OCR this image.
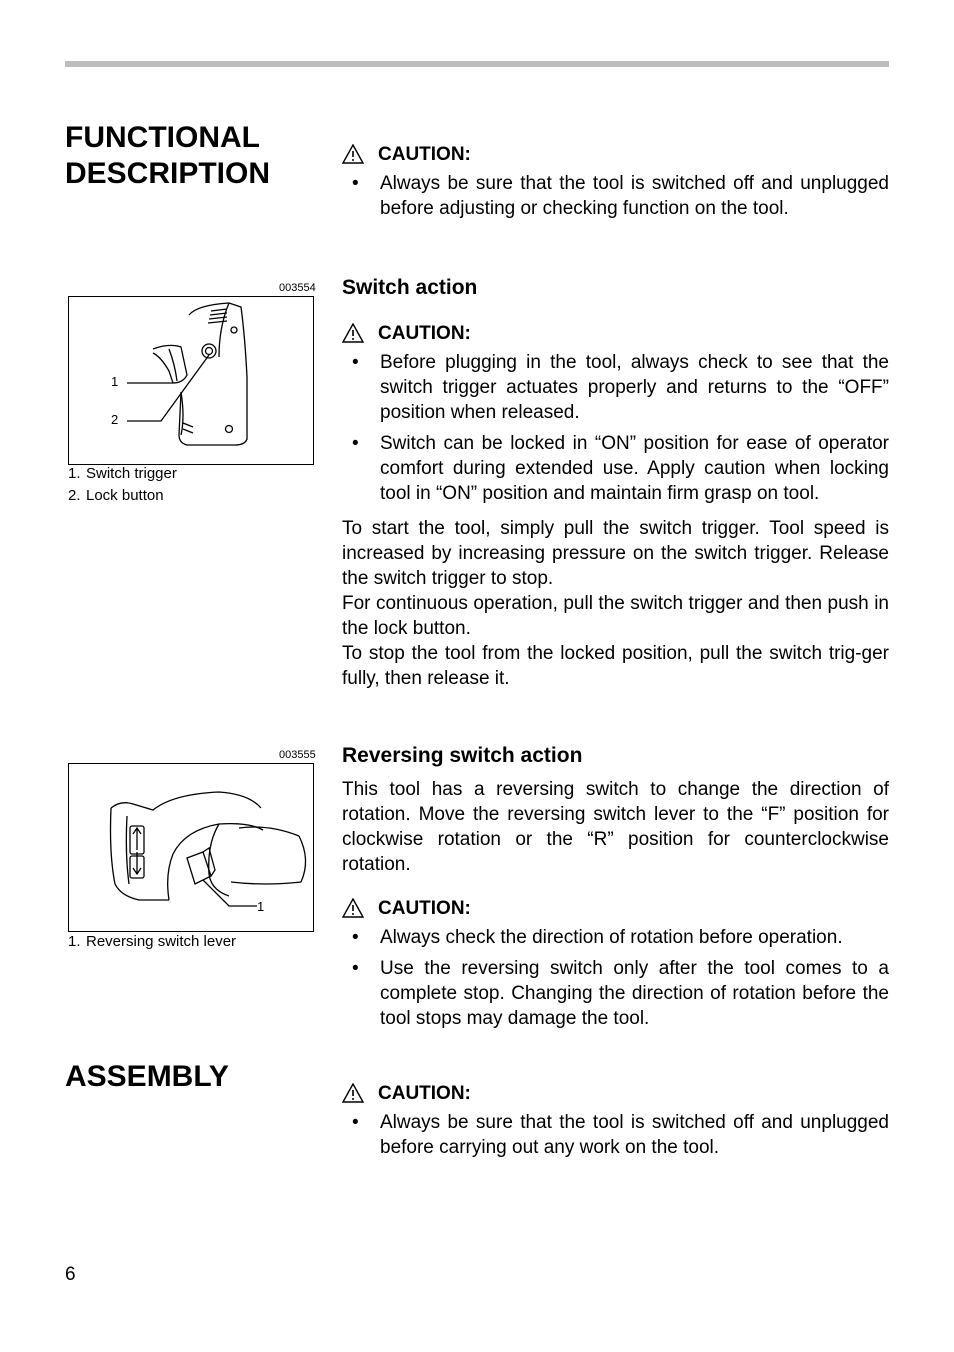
FUNCTIONAL
DESCRIPTION
ASSEMBLY
CAUTION:
• Always be sure that the tool is switched off and unplugged before adjusting or checking function on the tool.
Switch action
CAUTION:
• Before plugging in the tool, always check to see that the switch trigger actuates properly and returns to the “OFF” position when released.
• Switch can be locked in “ON” position for ease of operator comfort during extended use. Apply caution when locking tool in “ON” position and maintain firm grasp on tool.

To start the tool, simply pull the switch trigger. Tool speed is increased by increasing pressure on the switch trigger. Release the switch trigger to stop.

For continuous operation, pull the switch trigger and then push in the lock button.

To stop the tool from the locked position, pull the switch trig-ger fully, then release it.

Reversing switch action

This tool has a reversing switch to change the direction of rotation. Move the reversing switch lever to the “F” position for clockwise rotation or the “R” position for counterclockwise rotation.

CAUTION:
• Always check the direction of rotation before operation.
• Use the reversing switch only after the tool comes to a complete stop. Changing the direction of rotation before the tool stops may damage the tool.
CAUTION:
• Always be sure that the tool is switched off and unplugged before carrying out any work on the tool.
003554
1
2
1. Switch trigger
2. Lock button
003555
1
1. Reversing switch lever
6
